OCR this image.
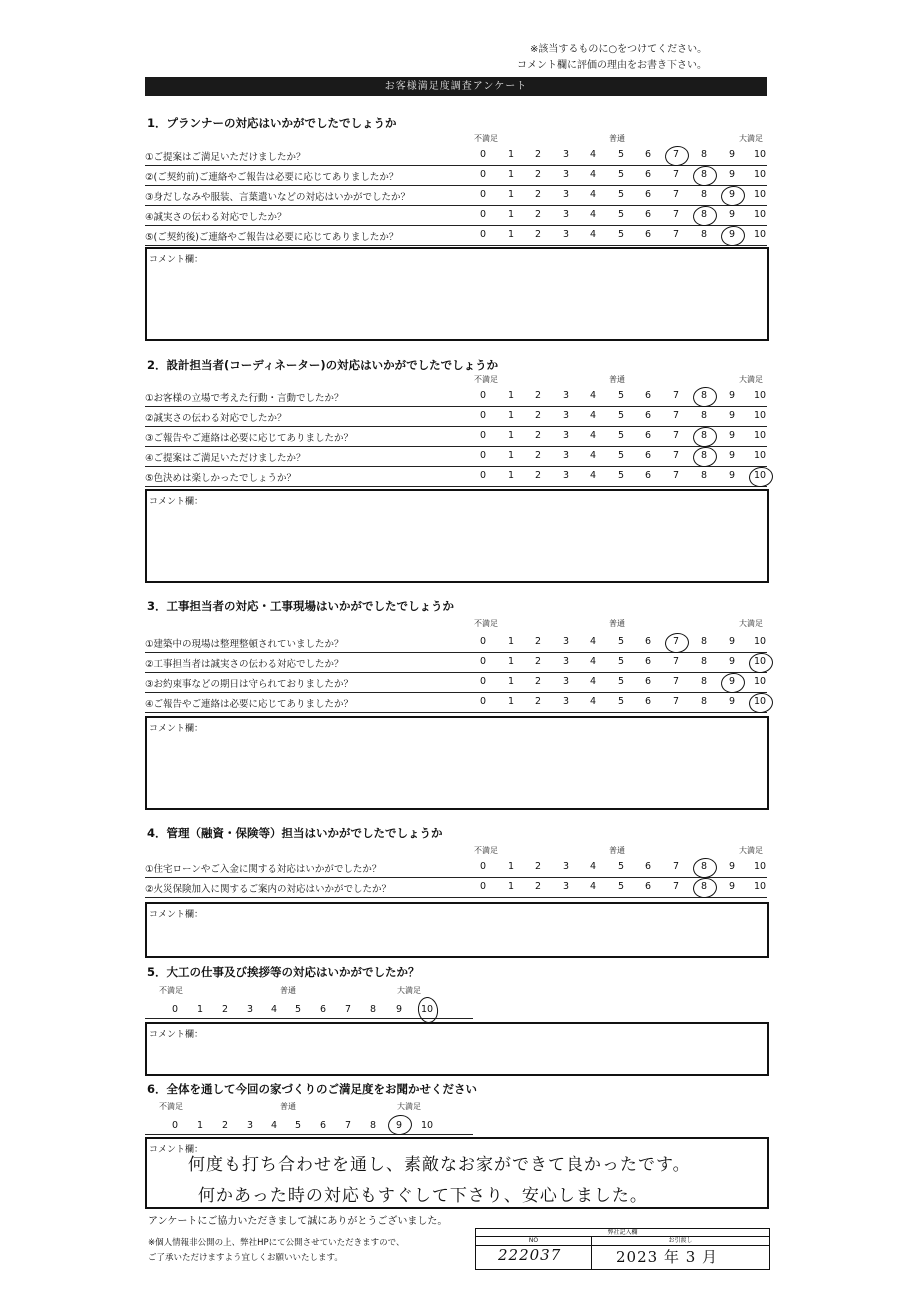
※該当するものに○をつけてください。
コメント欄に評価の理由をお書き下さい。
お客様満足度調査アンケート
1．プランナーの対応はいかがでしたでしょうか
不満足	普通	大満足
①ご提案はご満足いただけましたか？	0	1	2	3	4	5	6	7	8	9	10
②(ご契約前)ご連絡やご報告は必要に応じてありましたか？	0	1	2	3	4	5	6	7	8	9	10
③身だしなみや服装、言葉遣いなどの対応はいかがでしたか？	0	1	2	3	4	5	6	7	8	9	10
④誠実さの伝わる対応でしたか？	0	1	2	3	4	5	6	7	8	9	10
⑤(ご契約後)ご連絡やご報告は必要に応じてありましたか？	0	1	2	3	4	5	6	7	8	9	10
コメント欄：
2．設計担当者(コーディネーター)の対応はいかがでしたでしょうか
不満足	普通	大満足
①お客様の立場で考えた行動・言動でしたか？	0	1	2	3	4	5	6	7	8	9	10
②誠実さの伝わる対応でしたか？	0	1	2	3	4	5	6	7	8	9	10
③ご報告やご連絡は必要に応じてありましたか？	0	1	2	3	4	5	6	7	8	9	10
④ご提案はご満足いただけましたか？	0	1	2	3	4	5	6	7	8	9	10
⑤色決めは楽しかったでしょうか？	0	1	2	3	4	5	6	7	8	9	10
コメント欄：
3．工事担当者の対応・工事現場はいかがでしたでしょうか
不満足	普通	大満足
①建築中の現場は整理整頓されていましたか？	0	1	2	3	4	5	6	7	8	9	10
②工事担当者は誠実さの伝わる対応でしたか？	0	1	2	3	4	5	6	7	8	9	10
③お約束事などの期日は守られておりましたか？	0	1	2	3	4	5	6	7	8	9	10
④ご報告やご連絡は必要に応じてありましたか？	0	1	2	3	4	5	6	7	8	9	10
コメント欄：
4．管理（融資・保険等）担当はいかがでしたでしょうか
不満足	普通	大満足
①住宅ローンやご入金に関する対応はいかがでしたか？	0	1	2	3	4	5	6	7	8	9	10
②火災保険加入に関するご案内の対応はいかがでしたか？	0	1	2	3	4	5	6	7	8	9	10
コメント欄：
5．大工の仕事及び挨拶等の対応はいかがでしたか？
不満足	普通	大満足
0	1	2	3	4	5	6	7	8	9	10
コメント欄：
6．全体を通して今回の家づくりのご満足度をお聞かせください
不満足	普通	大満足
0	1	2	3	4	5	6	7	8	9	10
コメント欄：
何度も打ち合わせを通し、素敵なお家ができて良かったです。
何かあった時の対応もすぐして下さり、安心しました。
アンケートにご協力いただきまして誠にありがとうございました。
※個人情報非公開の上、弊社HPにて公開させていただきますので、
ご了承いただけますよう宜しくお願いいたします。
弊社記入欄
NO	お引渡し
222037	2023 年 3 月
